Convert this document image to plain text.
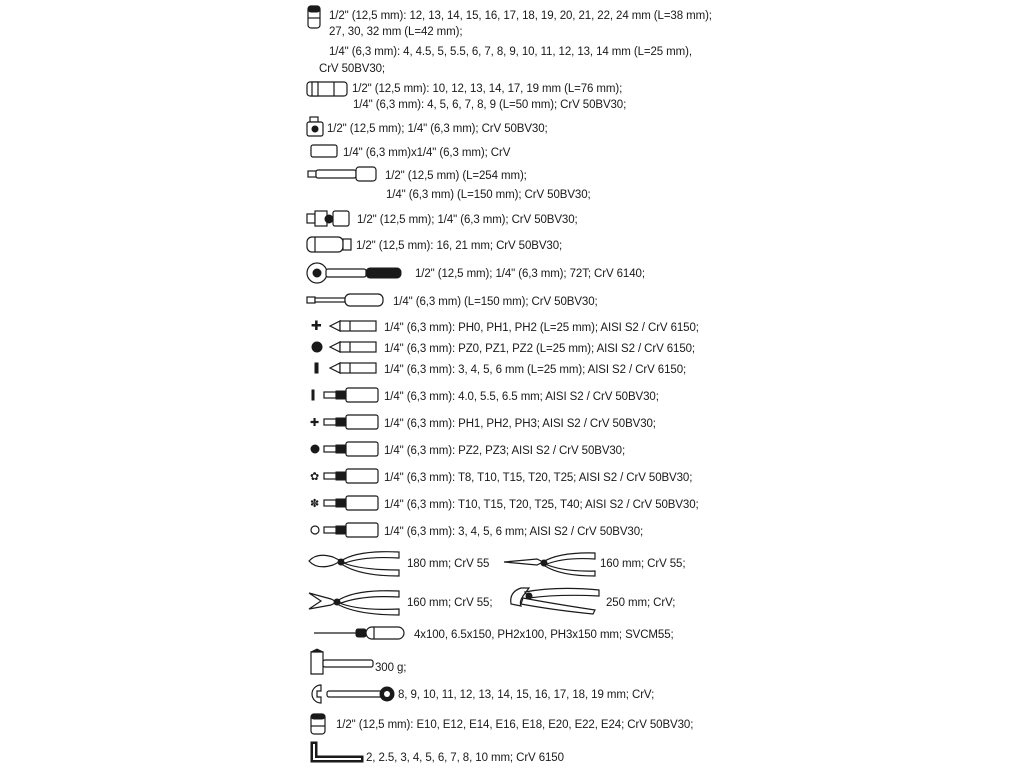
1/2" (12,5 mm): 12, 13, 14, 15, 16, 17, 18, 19, 20, 21, 22, 24 mm (L=38 mm);
27, 30, 32 mm (L=42 mm);
1/4" (6,3 mm): 4, 4.5, 5, 5.5, 6, 7, 8, 9, 10, 11, 12, 13, 14 mm (L=25 mm),
CrV 50BV30;
1/2" (12,5 mm): 10, 12, 13, 14, 17, 19 mm (L=76 mm);
1/4" (6,3 mm): 4, 5, 6, 7, 8, 9 (L=50 mm); CrV 50BV30;
1/2" (12,5 mm); 1/4" (6,3 mm); CrV 50BV30;
1/4" (6,3 mm)x1/4" (6,3 mm); CrV
1/2" (12,5 mm) (L=254 mm);
1/4" (6,3 mm) (L=150 mm); CrV 50BV30;
1/2" (12,5 mm); 1/4" (6,3 mm); CrV 50BV30;
1/2" (12,5 mm): 16, 21 mm; CrV 50BV30;
1/2" (12,5 mm); 1/4" (6,3 mm); 72T; CrV 6140;
1/4" (6,3 mm) (L=150 mm); CrV 50BV30;
✚	1/4" (6,3 mm): PH0, PH1, PH2 (L=25 mm); AISI S2 / CrV 6150;
1/4" (6,3 mm): PZ0, PZ1, PZ2 (L=25 mm); AISI S2 / CrV 6150;
1/4" (6,3 mm): 3, 4, 5, 6 mm (L=25 mm); AISI S2 / CrV 6150;
1/4" (6,3 mm): 4.0, 5.5, 6.5 mm; AISI S2 / CrV 50BV30;
✚	1/4" (6,3 mm): PH1, PH2, PH3; AISI S2 / CrV 50BV30;
1/4" (6,3 mm): PZ2, PZ3; AISI S2 / CrV 50BV30;
✿	1/4" (6,3 mm): T8, T10, T15, T20, T25; AISI S2 / CrV 50BV30;
✽	1/4" (6,3 mm): T10, T15, T20, T25, T40; AISI S2 / CrV 50BV30;
1/4" (6,3 mm): 3, 4, 5, 6 mm; AISI S2 / CrV 50BV30;
180 mm; CrV 55	160 mm; CrV 55;
160 mm; CrV 55;	250 mm; CrV;
4x100, 6.5x150, PH2x100, PH3x150 mm; SVCM55;
300 g;
8, 9, 10, 11, 12, 13, 14, 15, 16, 17, 18, 19 mm; CrV;
1/2" (12,5 mm): E10, E12, E14, E16, E18, E20, E22, E24; CrV 50BV30;
2, 2.5, 3, 4, 5, 6, 7, 8, 10 mm; CrV 6150
